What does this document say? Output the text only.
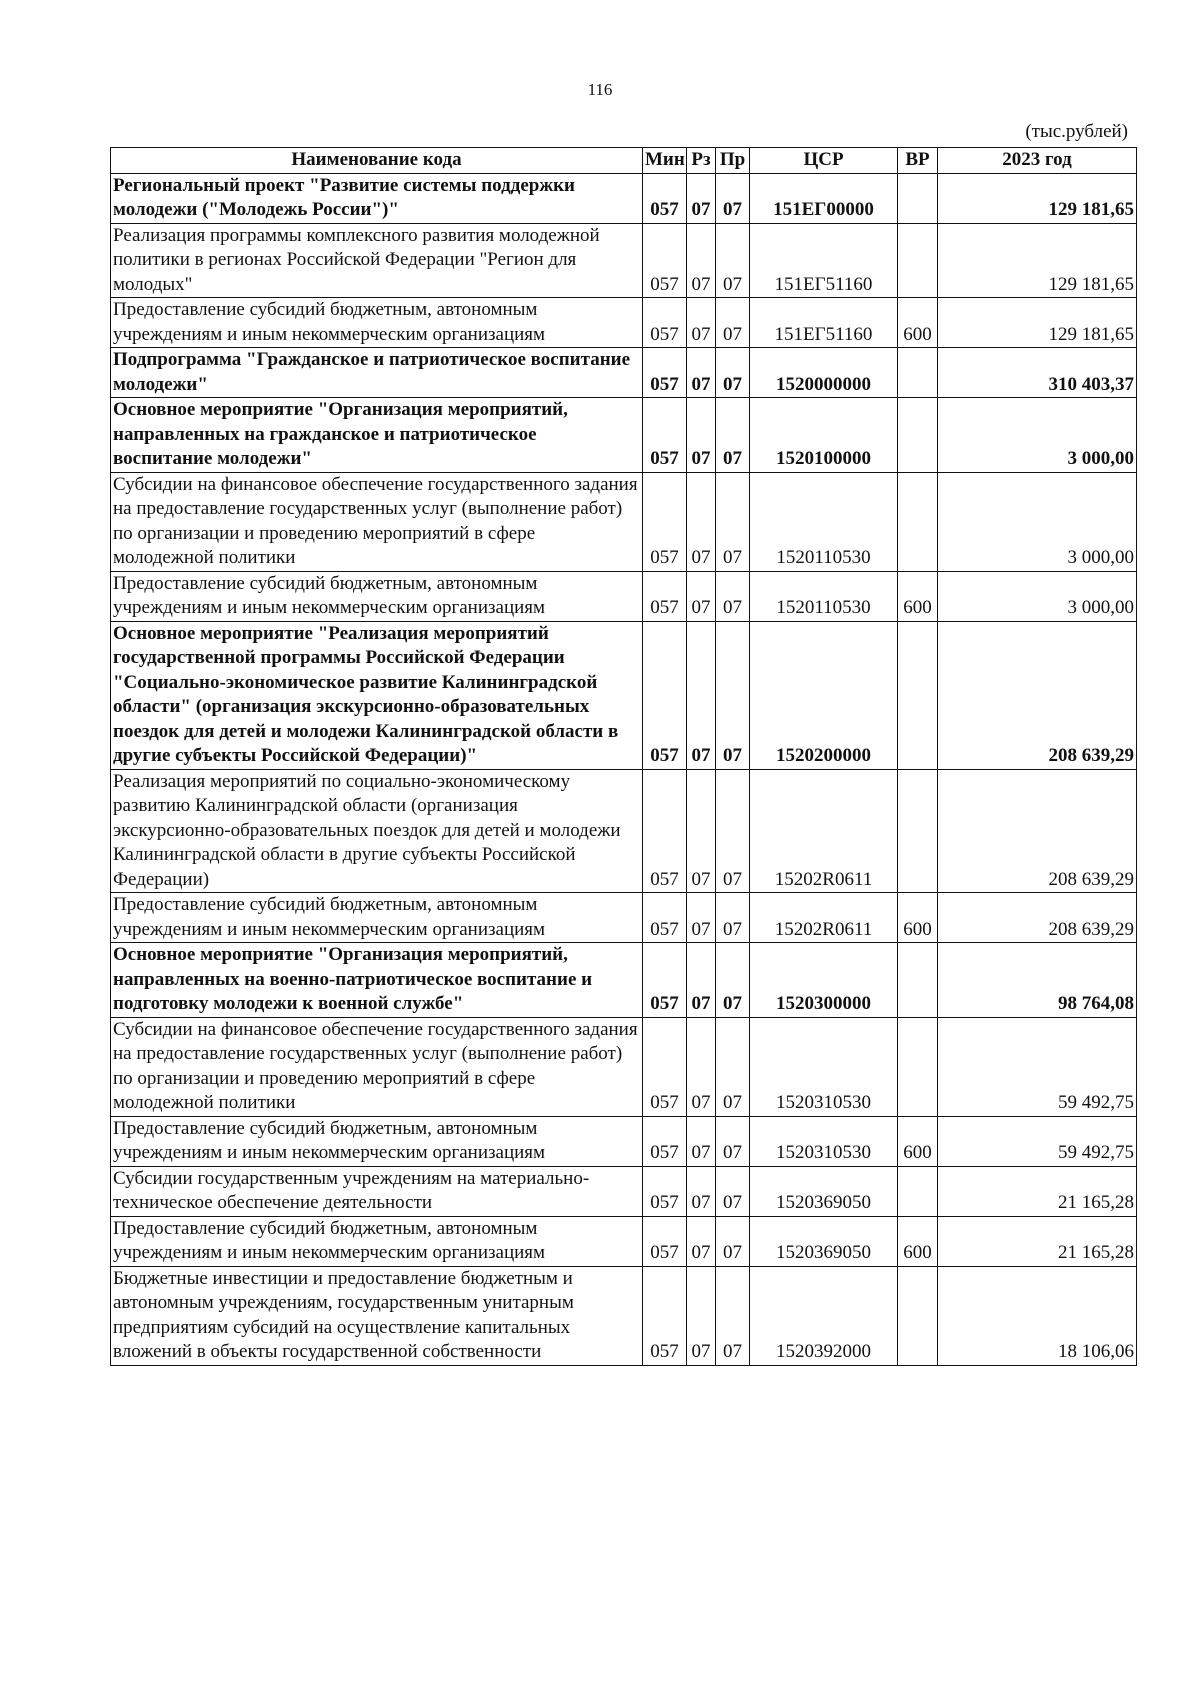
116
(тыс.рублей)
Наименование кода	Мин	Рз	Пр	ЦСР	ВР	2023 год
Региональный проект "Развитие системы поддержки молодежи ("Молодежь России")"	057	07	07	151ЕГ00000		129 181,65
Реализация программы комплексного развития молодежной политики в регионах Российской Федерации "Регион для молодых"	057	07	07	151ЕГ51160		129 181,65
Предоставление субсидий бюджетным, автономным учреждениям и иным некоммерческим организациям	057	07	07	151ЕГ51160	600	129 181,65
Подпрограмма "Гражданское и патриотическое воспитание молодежи"	057	07	07	1520000000		310 403,37
Основное мероприятие "Организация мероприятий, направленных на гражданское и патриотическое воспитание молодежи"	057	07	07	1520100000		3 000,00
Субсидии на финансовое обеспечение государственного задания на предоставление государственных услуг (выполнение работ) по организации и проведению мероприятий в сфере молодежной политики	057	07	07	1520110530		3 000,00
Предоставление субсидий бюджетным, автономным учреждениям и иным некоммерческим организациям	057	07	07	1520110530	600	3 000,00
Основное мероприятие "Реализация мероприятий государственной программы Российской Федерации "Социально-экономическое развитие Калининградской области" (организация экскурсионно-образовательных поездок для детей и молодежи Калининградской области в другие субъекты Российской Федерации)"	057	07	07	1520200000		208 639,29
Реализация мероприятий по социально-экономическому развитию Калининградской области (организация экскурсионно-образовательных поездок для детей и молодежи Калининградской области в другие субъекты Российской Федерации)	057	07	07	15202R0611		208 639,29
Предоставление субсидий бюджетным, автономным учреждениям и иным некоммерческим организациям	057	07	07	15202R0611	600	208 639,29
Основное мероприятие "Организация мероприятий, направленных на военно-патриотическое воспитание и подготовку молодежи к военной службе"	057	07	07	1520300000		98 764,08
Субсидии на финансовое обеспечение государственного задания на предоставление государственных услуг (выполнение работ) по организации и проведению мероприятий в сфере молодежной политики	057	07	07	1520310530		59 492,75
Предоставление субсидий бюджетным, автономным учреждениям и иным некоммерческим организациям	057	07	07	1520310530	600	59 492,75
Субсидии государственным учреждениям на материально-техническое обеспечение деятельности	057	07	07	1520369050		21 165,28
Предоставление субсидий бюджетным, автономным учреждениям и иным некоммерческим организациям	057	07	07	1520369050	600	21 165,28
Бюджетные инвестиции и предоставление бюджетным и автономным учреждениям, государственным унитарным предприятиям субсидий на осуществление капитальных вложений в объекты государственной собственности	057	07	07	1520392000		18 106,06
